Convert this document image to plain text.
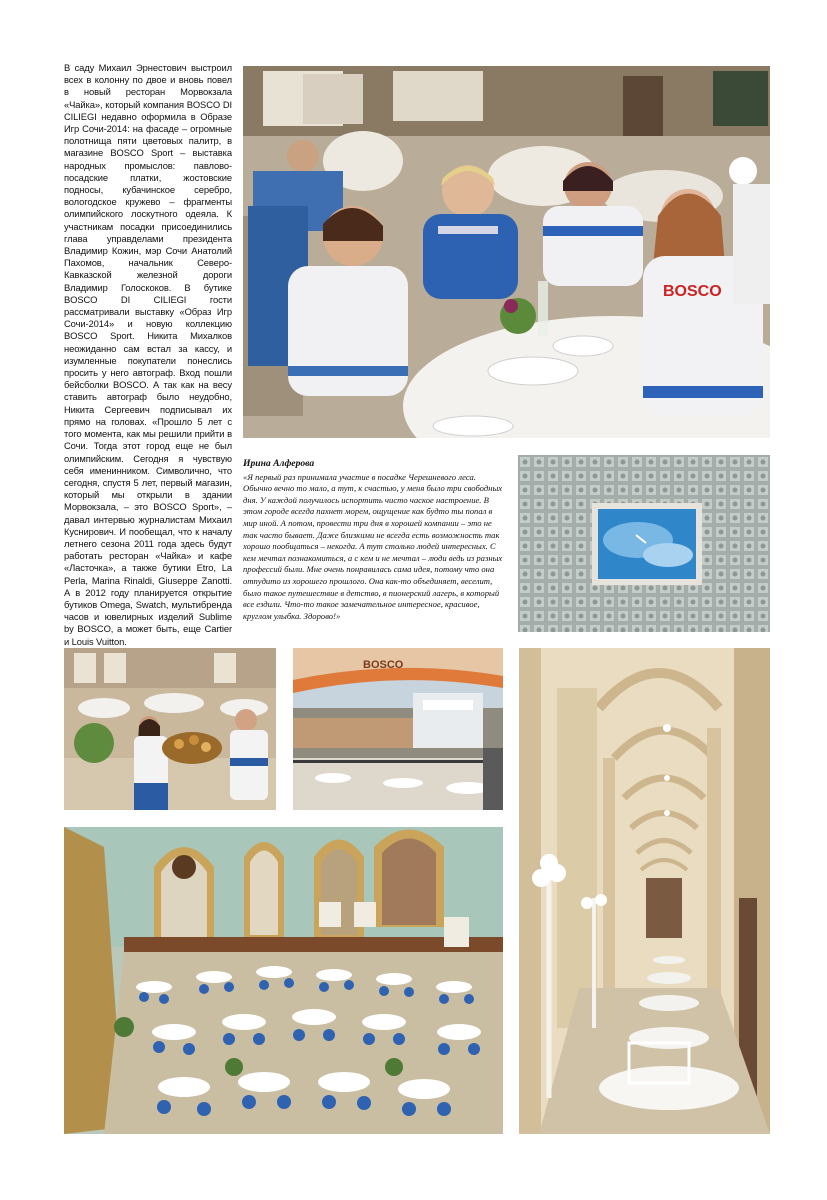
В саду Михаил Эрнестович выстроил всех в колонну по двое и вновь повел в новый ресторан Морвокзала «Чайка», который компания BOSCO DI CILIEGI недавно оформила в Образе Игр Сочи-2014: на фасаде – огромные полотнища пяти цветовых палитр, в магазине BOSCO Sport – выставка народных промыслов: павлово-посадские платки, жостовские подносы, кубачинское серебро, вологодское кружево – фрагменты олимпийского лоскутного одеяла. К участникам посадки присоединились глава управделами президента Владимир Кожин, мэр Сочи Анатолий Пахомов, начальник Северо-Кавказской железной дороги Владимир Голоскоков. В бутике BOSCO DI CILIEGI гости рассматривали выставку «Образ Игр Сочи-2014» и новую коллекцию BOSCO Sport. Никита Михалков неожиданно сам встал за кассу, и изумленные покупатели понеслись просить у него автограф. Вход пошли бейсболки BOSCO. А так как на весу ставить автограф было неудобно, Никита Сергеевич подписывал их прямо на головах. «Прошло 5 лет с того момента, как мы решили прийти в Сочи. Тогда этот город еще не был олимпийским. Сегодня я чувствую себя именинником. Символично, что сегодня, спустя 5 лет, первый магазин, который мы открыли в здании Морвокзала, – это BOSCO Sport», – давал интервью журналистам Михаил Куснирович. И пообещал, что к началу летнего сезона 2011 года здесь будут работать ресторан «Чайка» и кафе «Ласточка», а также бутики Etro, La Perla, Marina Rinaldi, Giuseppe Zanotti. А в 2012 году планируется открытие бутиков Omega, Swatch, мультибренда часов и ювелирных изделий Sublime by BOSCO, а может быть, еще Cartier и Louis Vuitton.
BOSCO
Ирина Алферова
«Я первый раз принимала участие в посадке Черешневого леса. Обычно вечно то мало, а тут, к счастью, у меня было три свободных дня. У каждой получилось испортить чисто чаское настроение. В этом городе всегда пахнет морем, ощущение как будто ты попал в мир иной. А потом, провести три дня в хорошей компании – это не так часто бывает. Даже близкими не всегда есть возможность так хорошо пообщаться – некогда. А тут столько людей интересных. С кем мечтал познакомиться, а с кем и не мечтал – люди ведь из разных профессий были. Мне очень понравилась сама идея, потому что она отпудито из хорошего прошлого. Она как-то объединяет, веселит, было такое путешествие в детство, в пионерский лагерь, в который все ездили. Что-то такое замечательное интересное, красивое, круглом улыбка. Здорово!»
BOSCO
